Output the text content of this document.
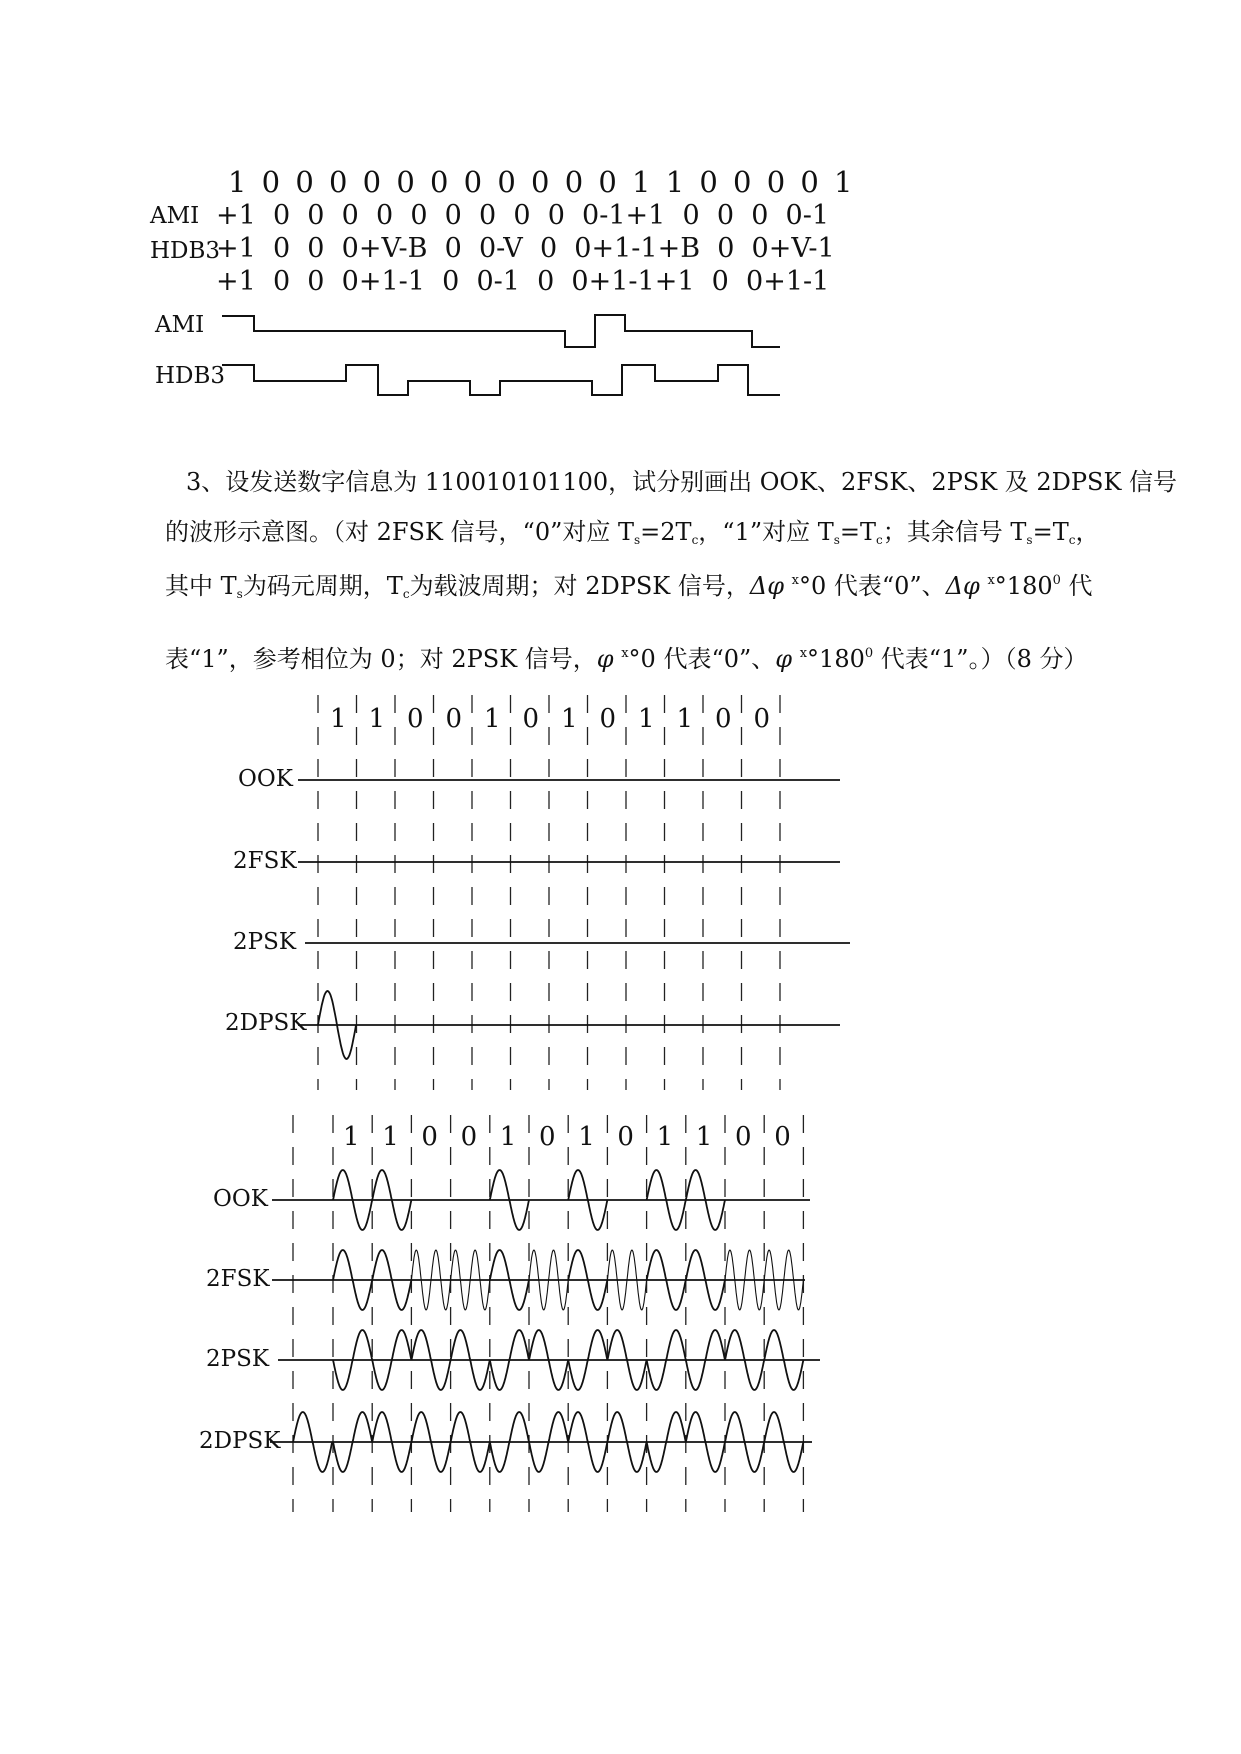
1 0 0 0 0 0 0 0 0 0 0 0 1 1 0 0 0 0 1
AMI +1  0  0  0  0  0  0  0  0  0  0-1+1  0  0  0  0-1
HDB3
+1  0  0  0+V-B  0  0-V  0  0+1-1+B  0  0+V-1
+1  0  0  0+1-1  0  0-1  0  0+1-1+1  0  0+1-1
AMI
HDB3
3、设发送数字信息为 110010101100，试分别画出 OOK、2FSK、2PSK 及 2DPSK 信号
的波形示意图。（对 2FSK 信号，“0”对应 $T_s=2T_c$，“1”对应 $T_s=T_c$；其余信号 $T_s=T_c$，
其中 $T_s$为码元周期，$T_c$为载波周期；对 2DPSK 信号，Δφ $^x$°0 代表“0”、Δφ $^x^\circ 180^0$ 代
表“1”，参考相位为 0；对 2PSK 信号，φ $^x$°0 代表“0”、φ $^x^\circ 180^0$ 代表“1”。）（8 分）
1 1 0 0 1 0 1 0 1 1 0 0
OOK
2FSK
2PSK
2DPSK
1 1 0 0 1 0 1 0 1 1 0 0
OOK
2FSK
2PSK
2DPSK
